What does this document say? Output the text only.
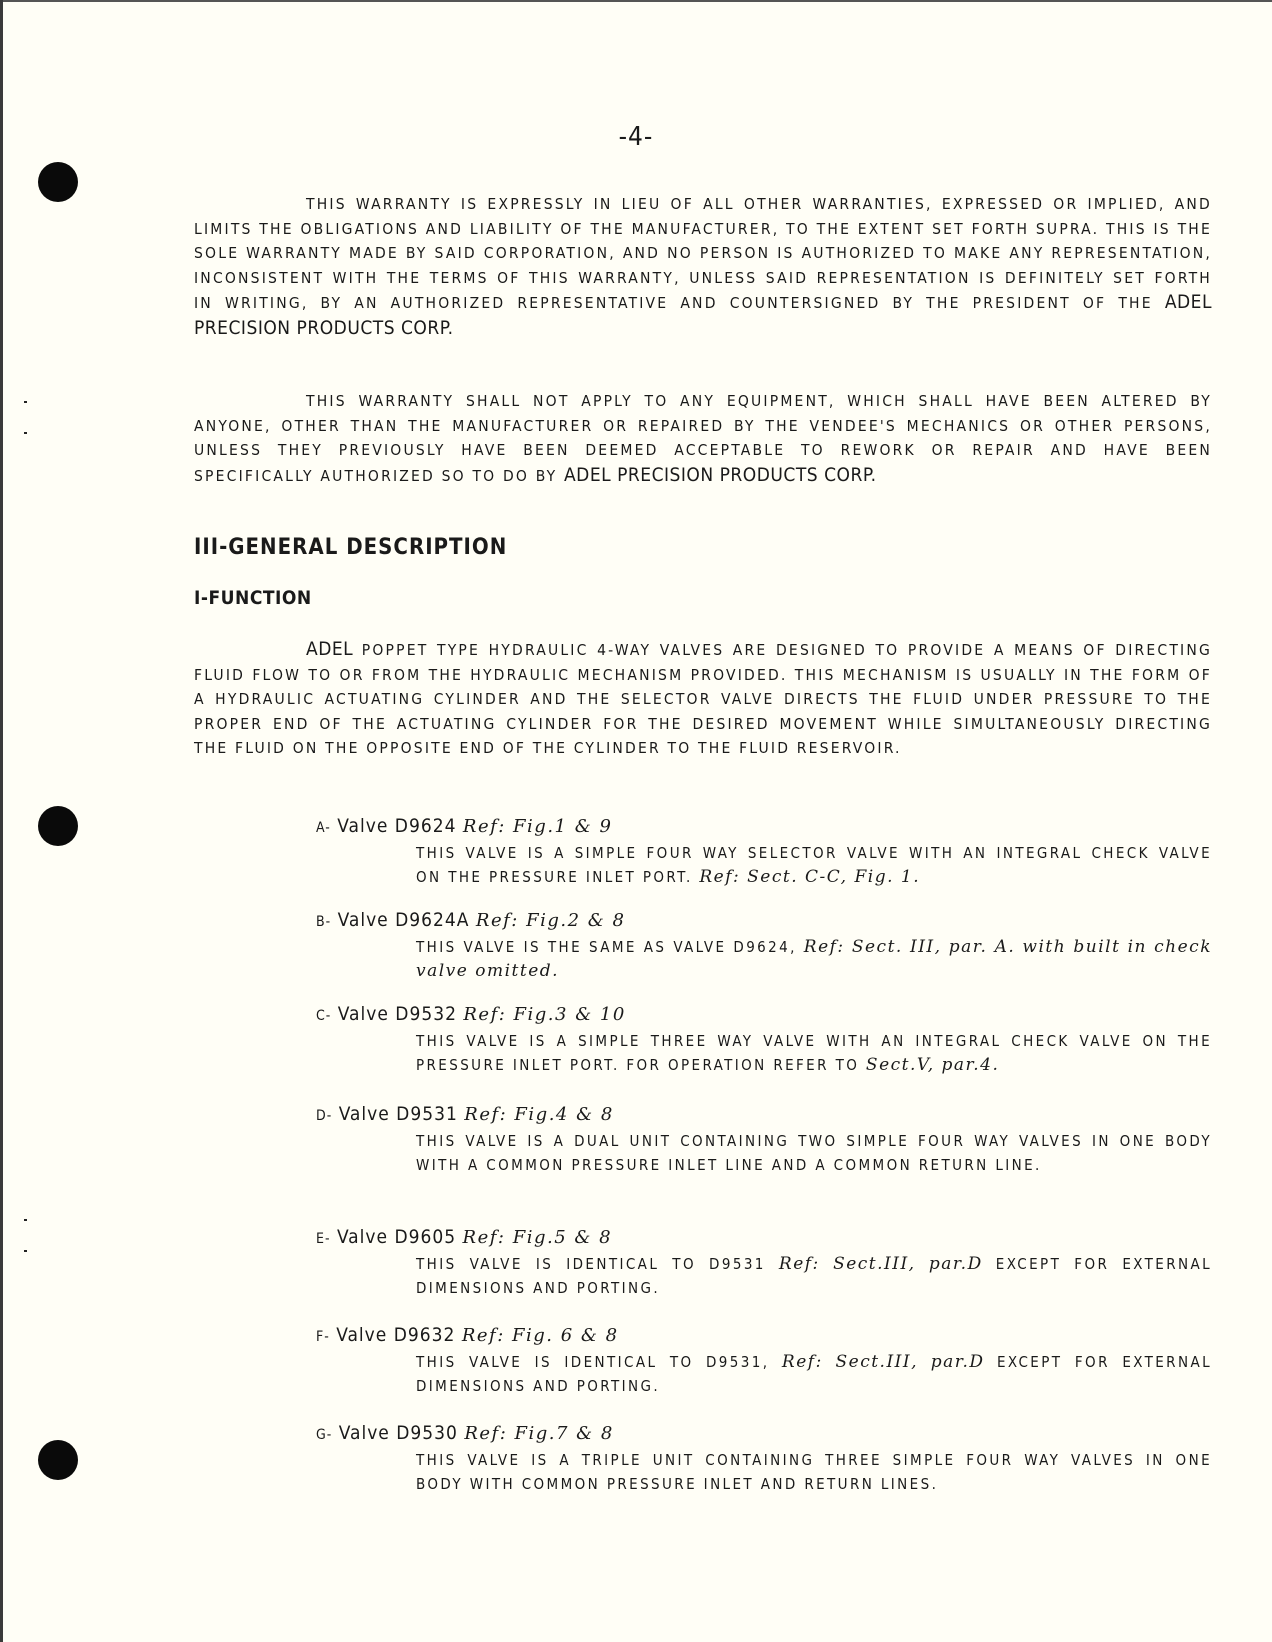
-4-
THIS WARRANTY IS EXPRESSLY IN LIEU OF ALL OTHER WARRANTIES, EXPRESSED OR IMPLIED, AND LIMITS THE OBLIGATIONS AND LIABILITY OF THE MANUFACTURER, TO THE EXTENT SET FORTH SUPRA. THIS IS THE SOLE WARRANTY MADE BY SAID CORPORATION, AND NO PERSON IS AUTHORIZED TO MAKE ANY REPRESENTATION, INCONSISTENT WITH THE TERMS OF THIS WARRANTY, UNLESS SAID REPRESENTATION IS DEFINITELY SET FORTH IN WRITING, BY AN AUTHORIZED REPRESENTATIVE AND COUNTERSIGNED BY THE PRESIDENT OF THE ADEL PRECISION PRODUCTS CORP.
THIS WARRANTY SHALL NOT APPLY TO ANY EQUIPMENT, WHICH SHALL HAVE BEEN ALTERED BY ANYONE, OTHER THAN THE MANUFACTURER OR REPAIRED BY THE VENDEE'S MECHANICS OR OTHER PERSONS, UNLESS THEY PREVIOUSLY HAVE BEEN DEEMED ACCEPTABLE TO REWORK OR REPAIR AND HAVE BEEN SPECIFICALLY AUTHORIZED SO TO DO BY ADEL PRECISION PRODUCTS CORP.
III-GENERAL DESCRIPTION
I-FUNCTION
ADEL POPPET TYPE HYDRAULIC 4-WAY VALVES ARE DESIGNED TO PROVIDE A MEANS OF DIRECTING FLUID FLOW TO OR FROM THE HYDRAULIC MECHANISM PROVIDED. THIS MECHANISM IS USUALLY IN THE FORM OF A HYDRAULIC ACTUATING CYLINDER AND THE SELECTOR VALVE DIRECTS THE FLUID UNDER PRESSURE TO THE PROPER END OF THE ACTUATING CYLINDER FOR THE DESIRED MOVEMENT WHILE SIMULTANEOUSLY DIRECTING THE FLUID ON THE OPPOSITE END OF THE CYLINDER TO THE FLUID RESERVOIR.
A- Valve D9624 Ref: Fig.1 & 9
THIS VALVE IS A SIMPLE FOUR WAY SELECTOR VALVE WITH AN INTEGRAL CHECK VALVE ON THE PRESSURE INLET PORT. Ref: Sect. C-C, Fig. 1.
B- Valve D9624A Ref: Fig.2 & 8
THIS VALVE IS THE SAME AS VALVE D9624, Ref: Sect. III, par. A. with built in check valve omitted.
C- Valve D9532 Ref: Fig.3 & 10
THIS VALVE IS A SIMPLE THREE WAY VALVE WITH AN INTEGRAL CHECK VALVE ON THE PRESSURE INLET PORT. FOR OPERATION REFER TO Sect.V, par.4.
D- Valve D9531 Ref: Fig.4 & 8
THIS VALVE IS A DUAL UNIT CONTAINING TWO SIMPLE FOUR WAY VALVES IN ONE BODY WITH A COMMON PRESSURE INLET LINE AND A COMMON RETURN LINE.
E- Valve D9605 Ref: Fig.5 & 8
THIS VALVE IS IDENTICAL TO D9531 Ref: Sect.III, par.D EXCEPT FOR EXTERNAL DIMENSIONS AND PORTING.
F- Valve D9632 Ref: Fig. 6 & 8
THIS VALVE IS IDENTICAL TO D9531, Ref: Sect.III, par.D EXCEPT FOR EXTERNAL DIMENSIONS AND PORTING.
G- Valve D9530 Ref: Fig.7 & 8
THIS VALVE IS A TRIPLE UNIT CONTAINING THREE SIMPLE FOUR WAY VALVES IN ONE BODY WITH COMMON PRESSURE INLET AND RETURN LINES.
